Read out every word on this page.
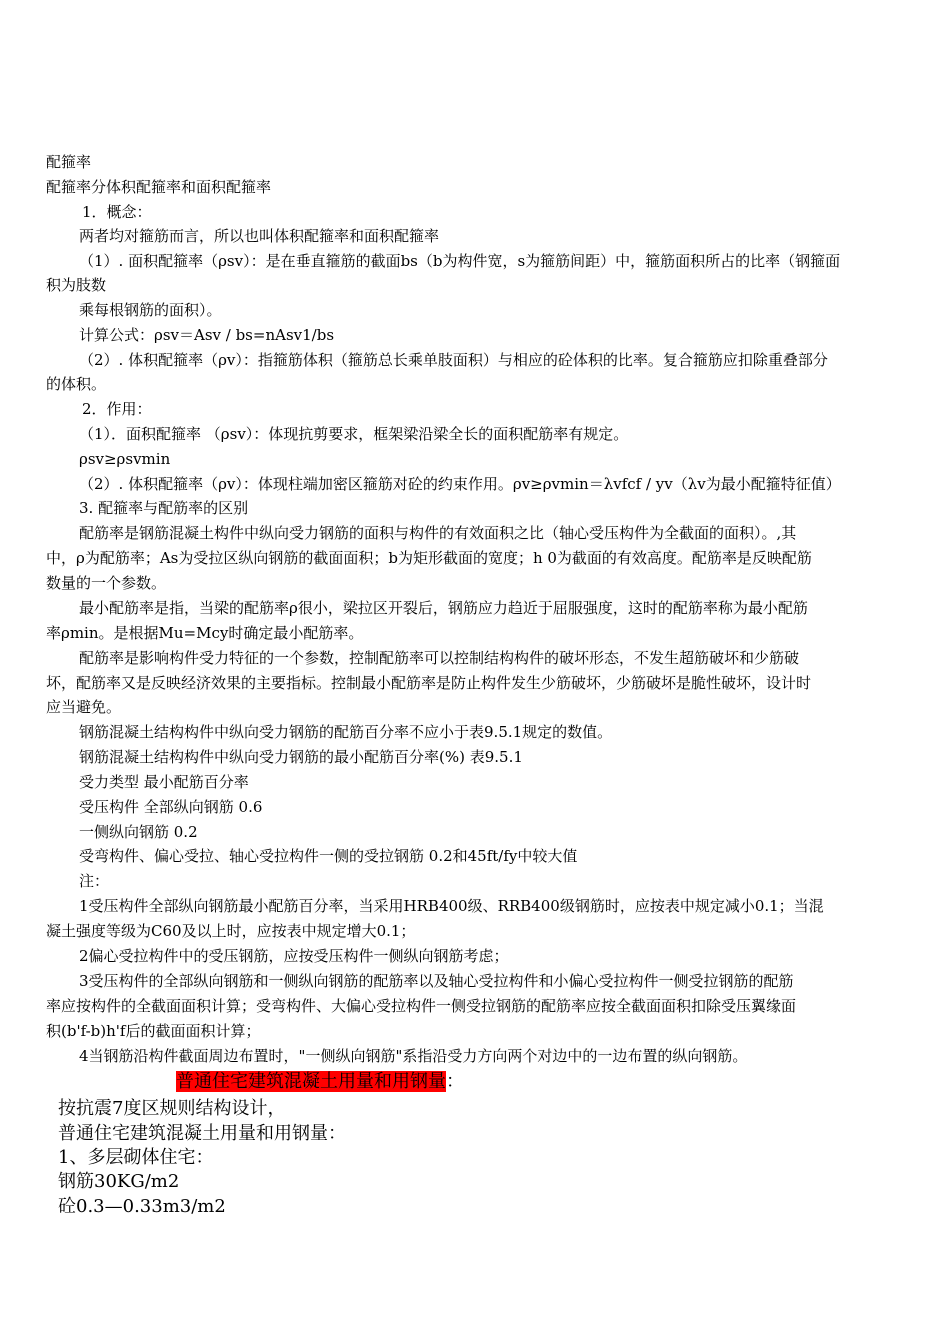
配箍率
配箍率分体积配箍率和面积配箍率
1．概念：
两者均对箍筋而言，所以也叫体积配箍率和面积配箍率
（1）. 面积配箍率（ρsv）：是在垂直箍筋的截面bs（b为构件宽，s为箍筋间距）中，箍筋面积所占的比率（钢箍面
积为肢数
乘每根钢筋的面积）。
计算公式：ρsv＝Asv / bs=nAsv1/bs
（2）. 体积配箍率（ρv）：指箍筋体积（箍筋总长乘单肢面积）与相应的砼体积的比率。复合箍筋应扣除重叠部分
的体积。
2．作用：
（1）．面积配箍率 （ρsv）：体现抗剪要求，框架梁沿梁全长的面积配筋率有规定。
ρsv≥ρsvmin
（2）. 体积配箍率（ρv）：体现柱端加密区箍筋对砼的约束作用。ρv≥ρvmin＝λvfcf / yv（λv为最小配箍特征值）
3. 配箍率与配筋率的区别
配筋率是钢筋混凝土构件中纵向受力钢筋的面积与构件的有效面积之比（轴心受压构件为全截面的面积）。,其
中，ρ为配筋率；As为受拉区纵向钢筋的截面面积；b为矩形截面的宽度；h 0为截面的有效高度。配筋率是反映配筋
数量的一个参数。
最小配筋率是指，当梁的配筋率ρ很小，梁拉区开裂后，钢筋应力趋近于屈服强度，这时的配筋率称为最小配筋
率ρmin。是根据Mu=Mcy时确定最小配筋率。
配筋率是影响构件受力特征的一个参数，控制配筋率可以控制结构构件的破坏形态，不发生超筋破坏和少筋破
坏，配筋率又是反映经济效果的主要指标。控制最小配筋率是防止构件发生少筋破坏，少筋破坏是脆性破坏，设计时
应当避免。
钢筋混凝土结构构件中纵向受力钢筋的配筋百分率不应小于表9.5.1规定的数值。
钢筋混凝土结构构件中纵向受力钢筋的最小配筋百分率(%) 表9.5.1
受力类型 最小配筋百分率
受压构件 全部纵向钢筋 0.6
一侧纵向钢筋 0.2
受弯构件、偏心受拉、轴心受拉构件一侧的受拉钢筋 0.2和45ft/fy中较大值
注：
1受压构件全部纵向钢筋最小配筋百分率，当采用HRB400级、RRB400级钢筋时，应按表中规定减小0.1；当混
凝土强度等级为C60及以上时，应按表中规定增大0.1；
2偏心受拉构件中的受压钢筋，应按受压构件一侧纵向钢筋考虑；
3受压构件的全部纵向钢筋和一侧纵向钢筋的配筋率以及轴心受拉构件和小偏心受拉构件一侧受拉钢筋的配筋
率应按构件的全截面面积计算；受弯构件、大偏心受拉构件一侧受拉钢筋的配筋率应按全截面面积扣除受压翼缘面
积(b'f-b)h'f后的截面面积计算；
4当钢筋沿构件截面周边布置时，"一侧纵向钢筋"系指沿受力方向两个对边中的一边布置的纵向钢筋。
普通住宅建筑混凝土用量和用钢量：
按抗震7度区规则结构设计，
普通住宅建筑混凝土用量和用钢量：
1、多层砌体住宅：
钢筋30KG/m2
砼0.3—0.33m3/m2
